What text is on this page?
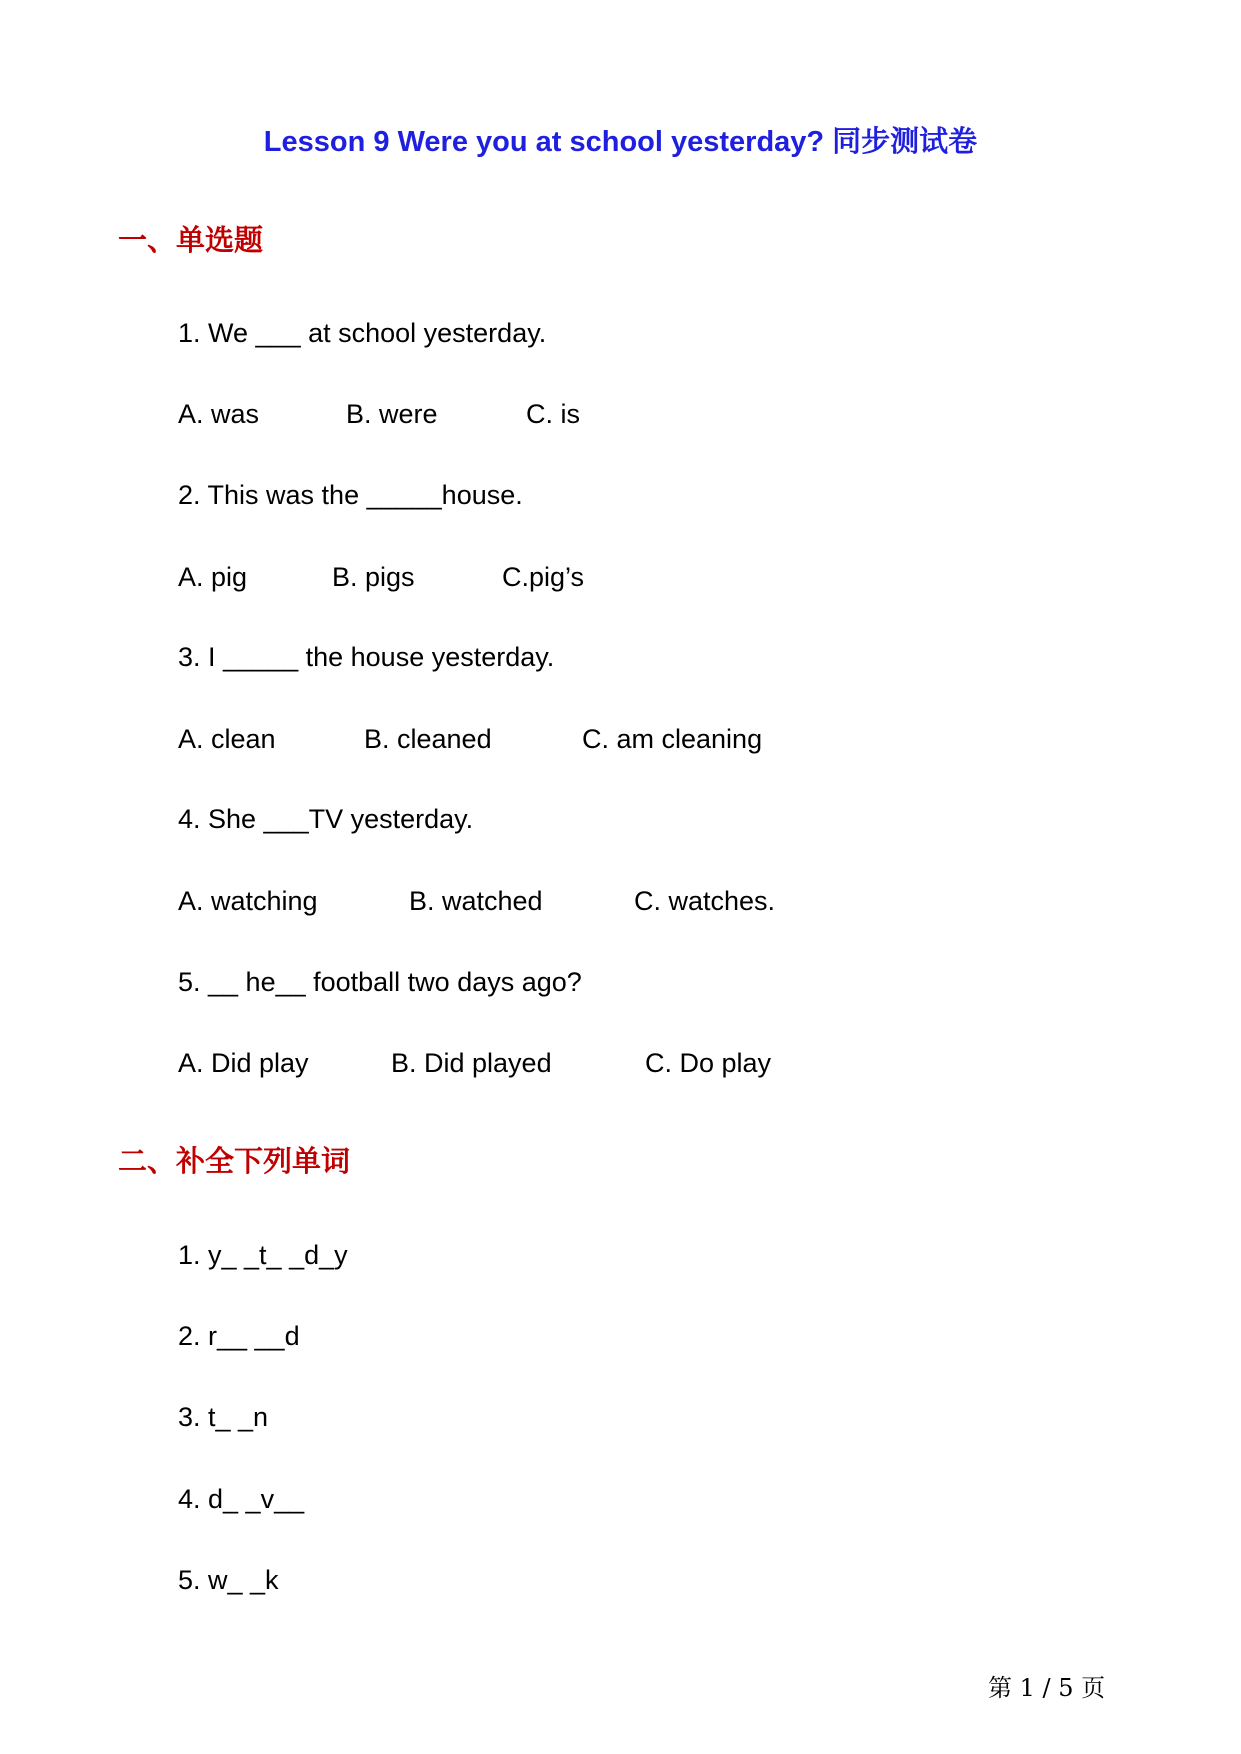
Lesson 9 Were you at school yesterday? 同步测试卷
一、单选题
1. We ___ at school yesterday.
A. was	B. were	C. is
2. This was the _____house.
A. pig	B. pigs	C.pig’s
3. I _____ the house yesterday.
A. clean	B. cleaned	C. am cleaning
4. She ___TV yesterday.
A. watching	B. watched	C. watches.
5. __ he__ football two days ago?
A. Did play	B. Did played	C. Do play
二、补全下列单词
1. y_ _t_ _d_y
2. r__ __d
3. t_ _n
4. d_ _v__
5. w_ _k
第 1 / 5 页
